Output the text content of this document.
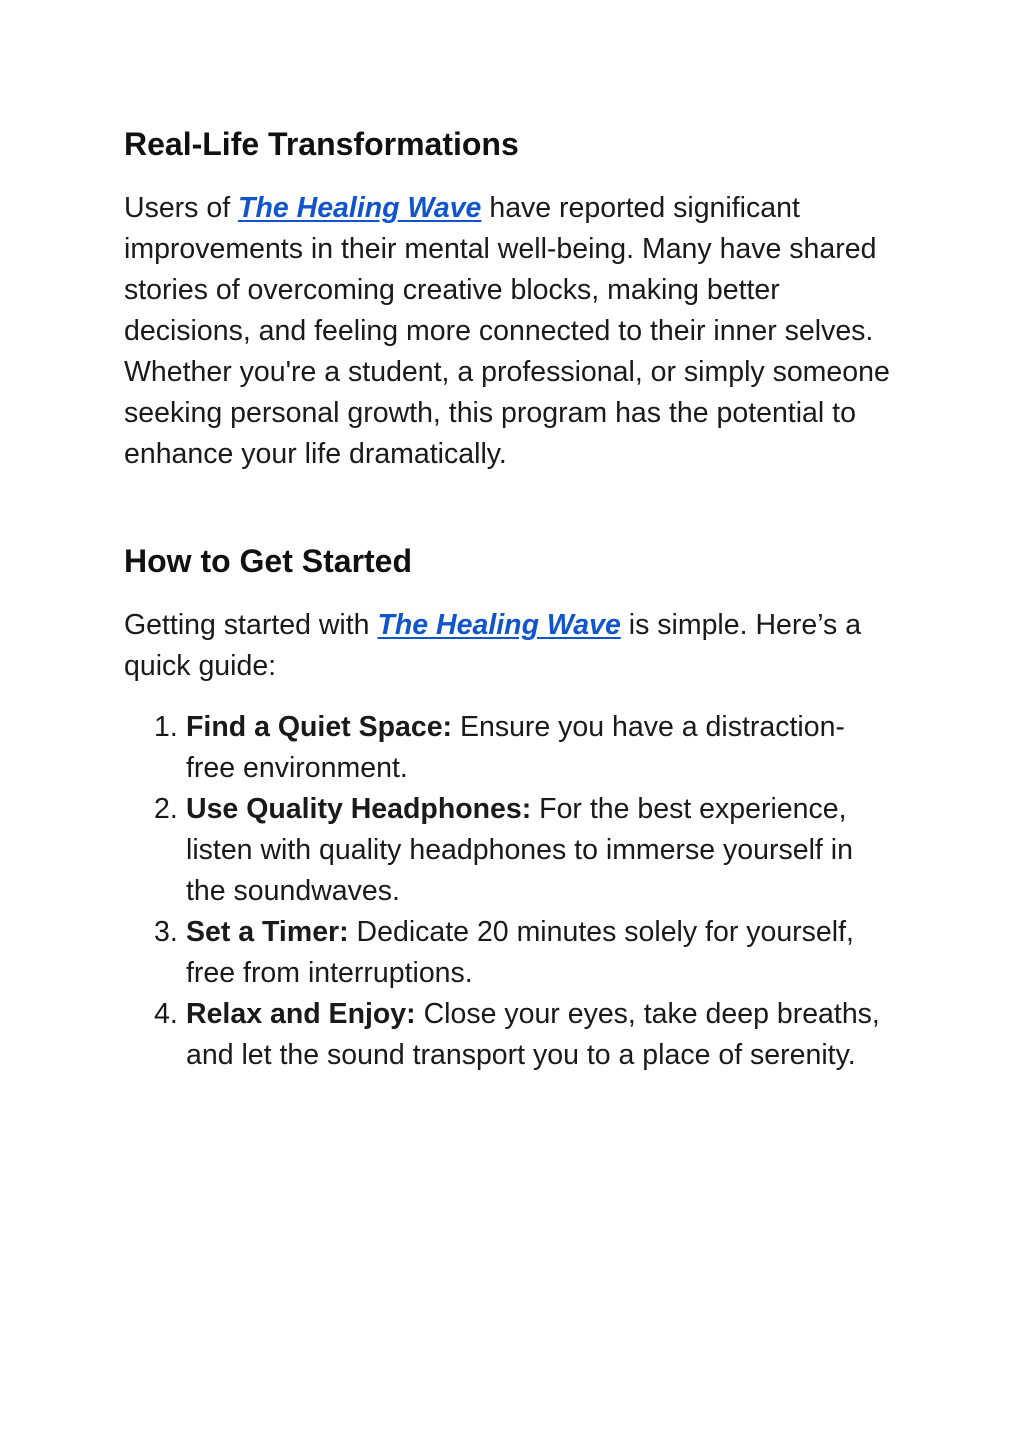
Real-Life Transformations

Users of The Healing Wave have reported significant improvements in their mental well-being. Many have shared stories of overcoming creative blocks, making better decisions, and feeling more connected to their inner selves. Whether you're a student, a professional, or simply someone seeking personal growth, this program has the potential to enhance your life dramatically.

How to Get Started

Getting started with The Healing Wave is simple. Here’s a quick guide:

1. Find a Quiet Space: Ensure you have a distraction-free environment.
2. Use Quality Headphones: For the best experience, listen with quality headphones to immerse yourself in the soundwaves.
3. Set a Timer: Dedicate 20 minutes solely for yourself, free from interruptions.
4. Relax and Enjoy: Close your eyes, take deep breaths, and let the sound transport you to a place of serenity.
